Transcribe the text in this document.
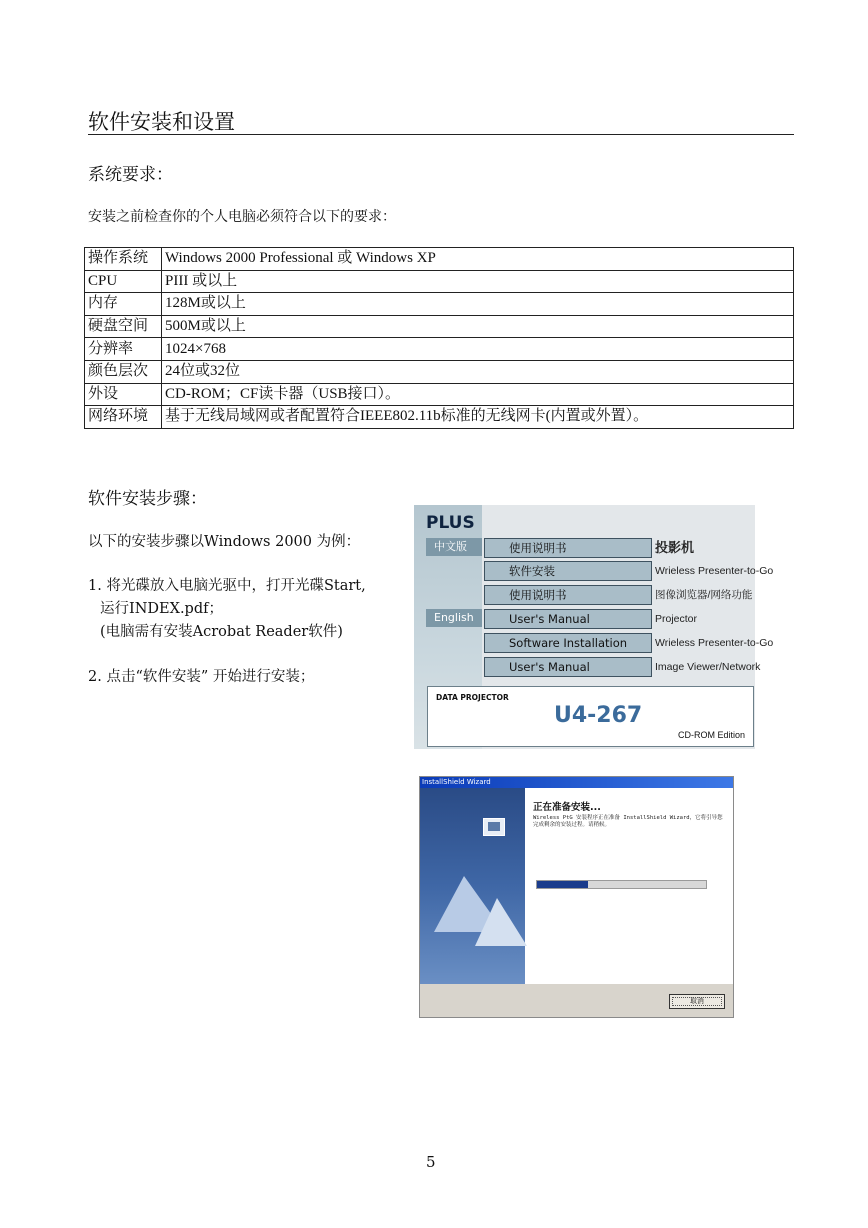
软件安装和设置
系统要求：
安装之前检查你的个人电脑必须符合以下的要求：
操作系统	Windows 2000 Professional 或 Windows XP
CPU	PIII 或以上
内存	128M或以上
硬盘空间	500M或以上
分辨率	1024×768
颜色层次	24位或32位
外设	CD-ROM；CF读卡器（USB接口）。
网络环境	基于无线局域网或者配置符合IEEE802.11b标准的无线网卡(内置或外置）。
软件安装步骤：
以下的安装步骤以Windows 2000 为例：
1. 将光碟放入电脑光驱中，打开光碟Start,
运行INDEX.pdf；
(电脑需有安装Acrobat Reader软件)
2. 点击“软件安装” 开始进行安装；
PLUS
中文版
English
使用说明书	投影机
软件安装	Wrieless Presenter-to-Go
使用说明书	图像浏览器/网络功能
User's Manual	Projector
Software Installation	Wrieless Presenter-to-Go
User's Manual	Image Viewer/Network
DATA PROJECTOR
U4-267
CD-ROM Edition
InstallShield Wizard
正在准备安装...
Wireless PtG 安装程序正在准备 InstallShield Wizard，它将引导您完成剩余的安装过程。请稍候。
取消
5
